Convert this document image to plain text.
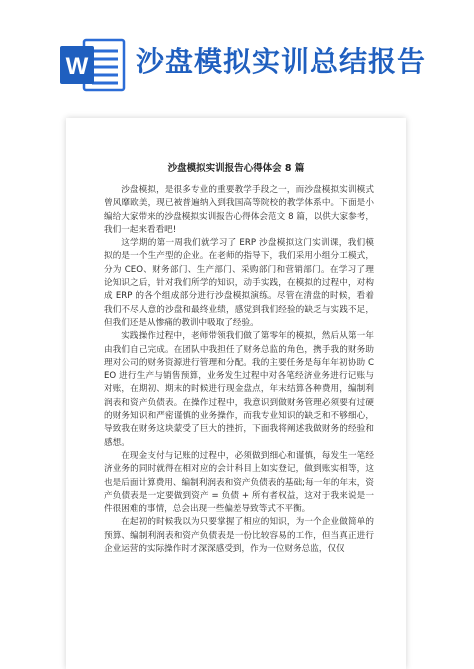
W 沙盘模拟实训总结报告
沙盘模拟实训报告心得体会 8 篇

沙盘模拟，是很多专业的重要教学手段之一，而沙盘模拟实训模式曾风靡欧美，现已被普遍纳入到我国高等院校的教学体系中。下面是小编给大家带来的沙盘模拟实训报告心得体会范文 8 篇，以供大家参考，我们一起来看看吧!

这学期的第一周我们就学习了 ERP 沙盘模拟这门实训课，我们模拟的是一个生产型的企业。在老师的指导下，我们采用小组分工模式，分为 CEO、财务部门、生产部门、采购部门和营销部门。在学习了理论知识之后，针对我们所学的知识，动手实践，在模拟的过程中，对构成 ERP 的各个组成部分进行沙盘模拟演练。尽管在清盘的时候，看着我们不尽人意的沙盘和最终业绩，感觉到我们经验的缺乏与实践不足，但我们还是从惨痛的教训中吸取了经验。

实践操作过程中，老师带领我们做了第零年的模拟，然后从第一年由我们自己完成。在团队中我担任了财务总监的角色，携手我的财务助理对公司的财务资源进行管理和分配。我的主要任务是每年年初协助 CEO 进行生产与销售预算，业务发生过程中对各笔经济业务进行记账与对账，在期初、期末的时候进行现金盘点，年末结算各种费用，编制利润表和资产负债表。在操作过程中，我意识到做财务管理必须要有过硬的财务知识和严密谨慎的业务操作，而我专业知识的缺乏和不够细心，导致我在财务这块蒙受了巨大的挫折，下面我将阐述我做财务的经验和感想。

在现金支付与记账的过程中，必须做到细心和谨慎，每发生一笔经济业务的同时就得在相对应的会计科目上如实登记，做到账实相等，这也是后面计算费用、编制利润表和资产负债表的基础;每一年的年末，资产负债表是一定要做到资产 = 负债 + 所有者权益，这对于我来说是一件很困难的事情，总会出现一些偏差导致等式不平衡。

在起初的时候我以为只要掌握了相应的知识，为一个企业做简单的预算、编制利润表和资产负债表是一份比较容易的工作，但当真正进行企业运营的实际操作时才深深感受到，作为一位财务总监，仅仅
